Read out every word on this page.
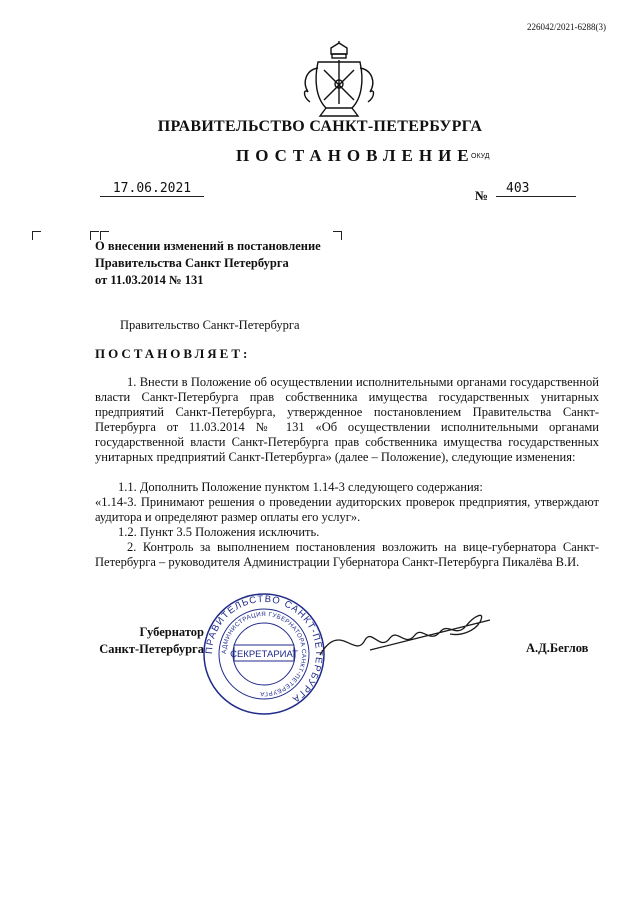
226042/2021-6288(3)
ПРАВИТЕЛЬСТВО САНКТ-ПЕТЕРБУРГА
ПОСТАНОВЛЕНИЕ
ОКУД
17.06.2021	№	403
О внесении изменений в постановление
Правительства Санкт Петербурга
от 11.03.2014 № 131
Правительство Санкт-Петербурга
ПОСТАНОВЛЯЕТ:
1. Внести в Положение об осуществлении исполнительными органами государственной власти Санкт-Петербурга прав собственника имущества государственных унитарных предприятий Санкт-Петербурга, утвержденное постановлением Правительства Санкт-Петербурга от 11.03.2014 № 131 «Об осуществлении исполнительными органами государственной власти Санкт-Петербурга прав собственника имущества государственных унитарных предприятий Санкт-Петербурга» (далее – Положение), следующие изменения:
1.1. Дополнить Положение пунктом 1.14-3 следующего содержания:
«1.14-3. Принимают решения о проведении аудиторских проверок предприятия, утверждают аудитора и определяют размер оплаты его услуг».
1.2. Пункт 3.5 Положения исключить.
2. Контроль за выполнением постановления возложить на вице-губернатора Санкт-Петербурга – руководителя Администрации Губернатора Санкт-Петербурга Пикалёва В.И.
Губернатор
Санкт-Петербурга ПРАВИТЕЛЬСТВО САНКТ-ПЕТЕРБУРГА
АДМИНИСТРАЦИЯ ГУБЕРНАТОРА САНКТ-ПЕТЕРБУРГА
СЕКРЕТАРИАТ	А.Д.Беглов
